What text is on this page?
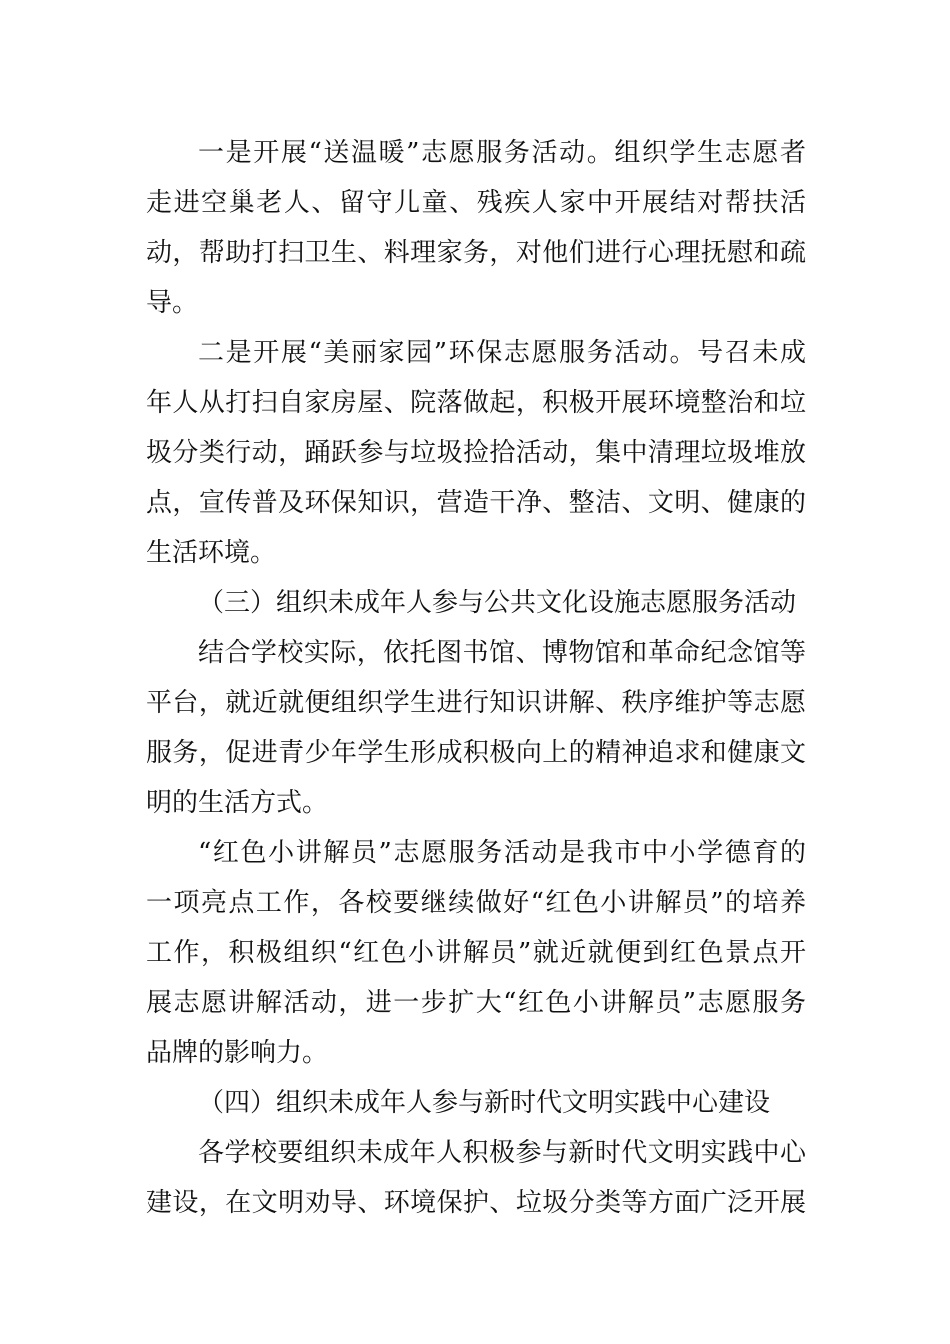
一是开展“送温暖”志愿服务活动。组织学生志愿者
走进空巢老人、留守儿童、残疾人家中开展结对帮扶活
动，帮助打扫卫生、料理家务，对他们进行心理抚慰和疏
导。
二是开展“美丽家园”环保志愿服务活动。号召未成
年人从打扫自家房屋、院落做起，积极开展环境整治和垃
圾分类行动，踊跃参与垃圾捡拾活动，集中清理垃圾堆放
点，宣传普及环保知识，营造干净、整洁、文明、健康的
生活环境。
（三）组织未成年人参与公共文化设施志愿服务活动
结合学校实际，依托图书馆、博物馆和革命纪念馆等
平台，就近就便组织学生进行知识讲解、秩序维护等志愿
服务，促进青少年学生形成积极向上的精神追求和健康文
明的生活方式。
“红色小讲解员”志愿服务活动是我市中小学德育的
一项亮点工作，各校要继续做好“红色小讲解员”的培养
工作，积极组织“红色小讲解员”就近就便到红色景点开
展志愿讲解活动，进一步扩大“红色小讲解员”志愿服务
品牌的影响力。
（四）组织未成年人参与新时代文明实践中心建设
各学校要组织未成年人积极参与新时代文明实践中心
建设，在文明劝导、环境保护、垃圾分类等方面广泛开展
